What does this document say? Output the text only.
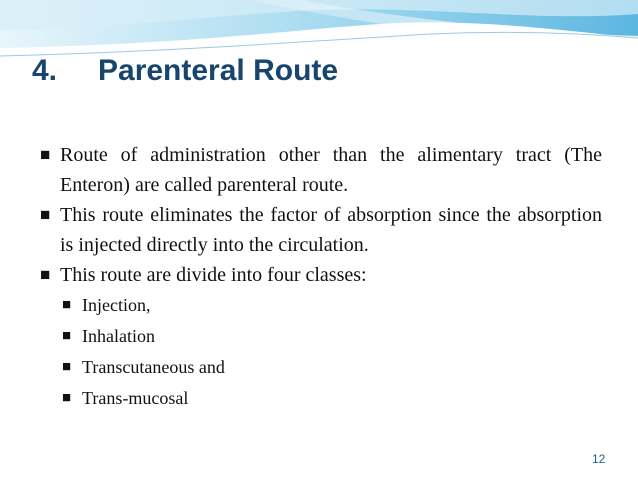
4.	Parenteral Route
■ Route of administration other than the alimentary tract (The Enteron) are called parenteral route.
■ This route eliminates the factor of absorption since the absorption is injected directly into the circulation.
■ This route are divide into four classes:
■ Injection,
■ Inhalation
■ Transcutaneous and
■ Trans-mucosal
12
